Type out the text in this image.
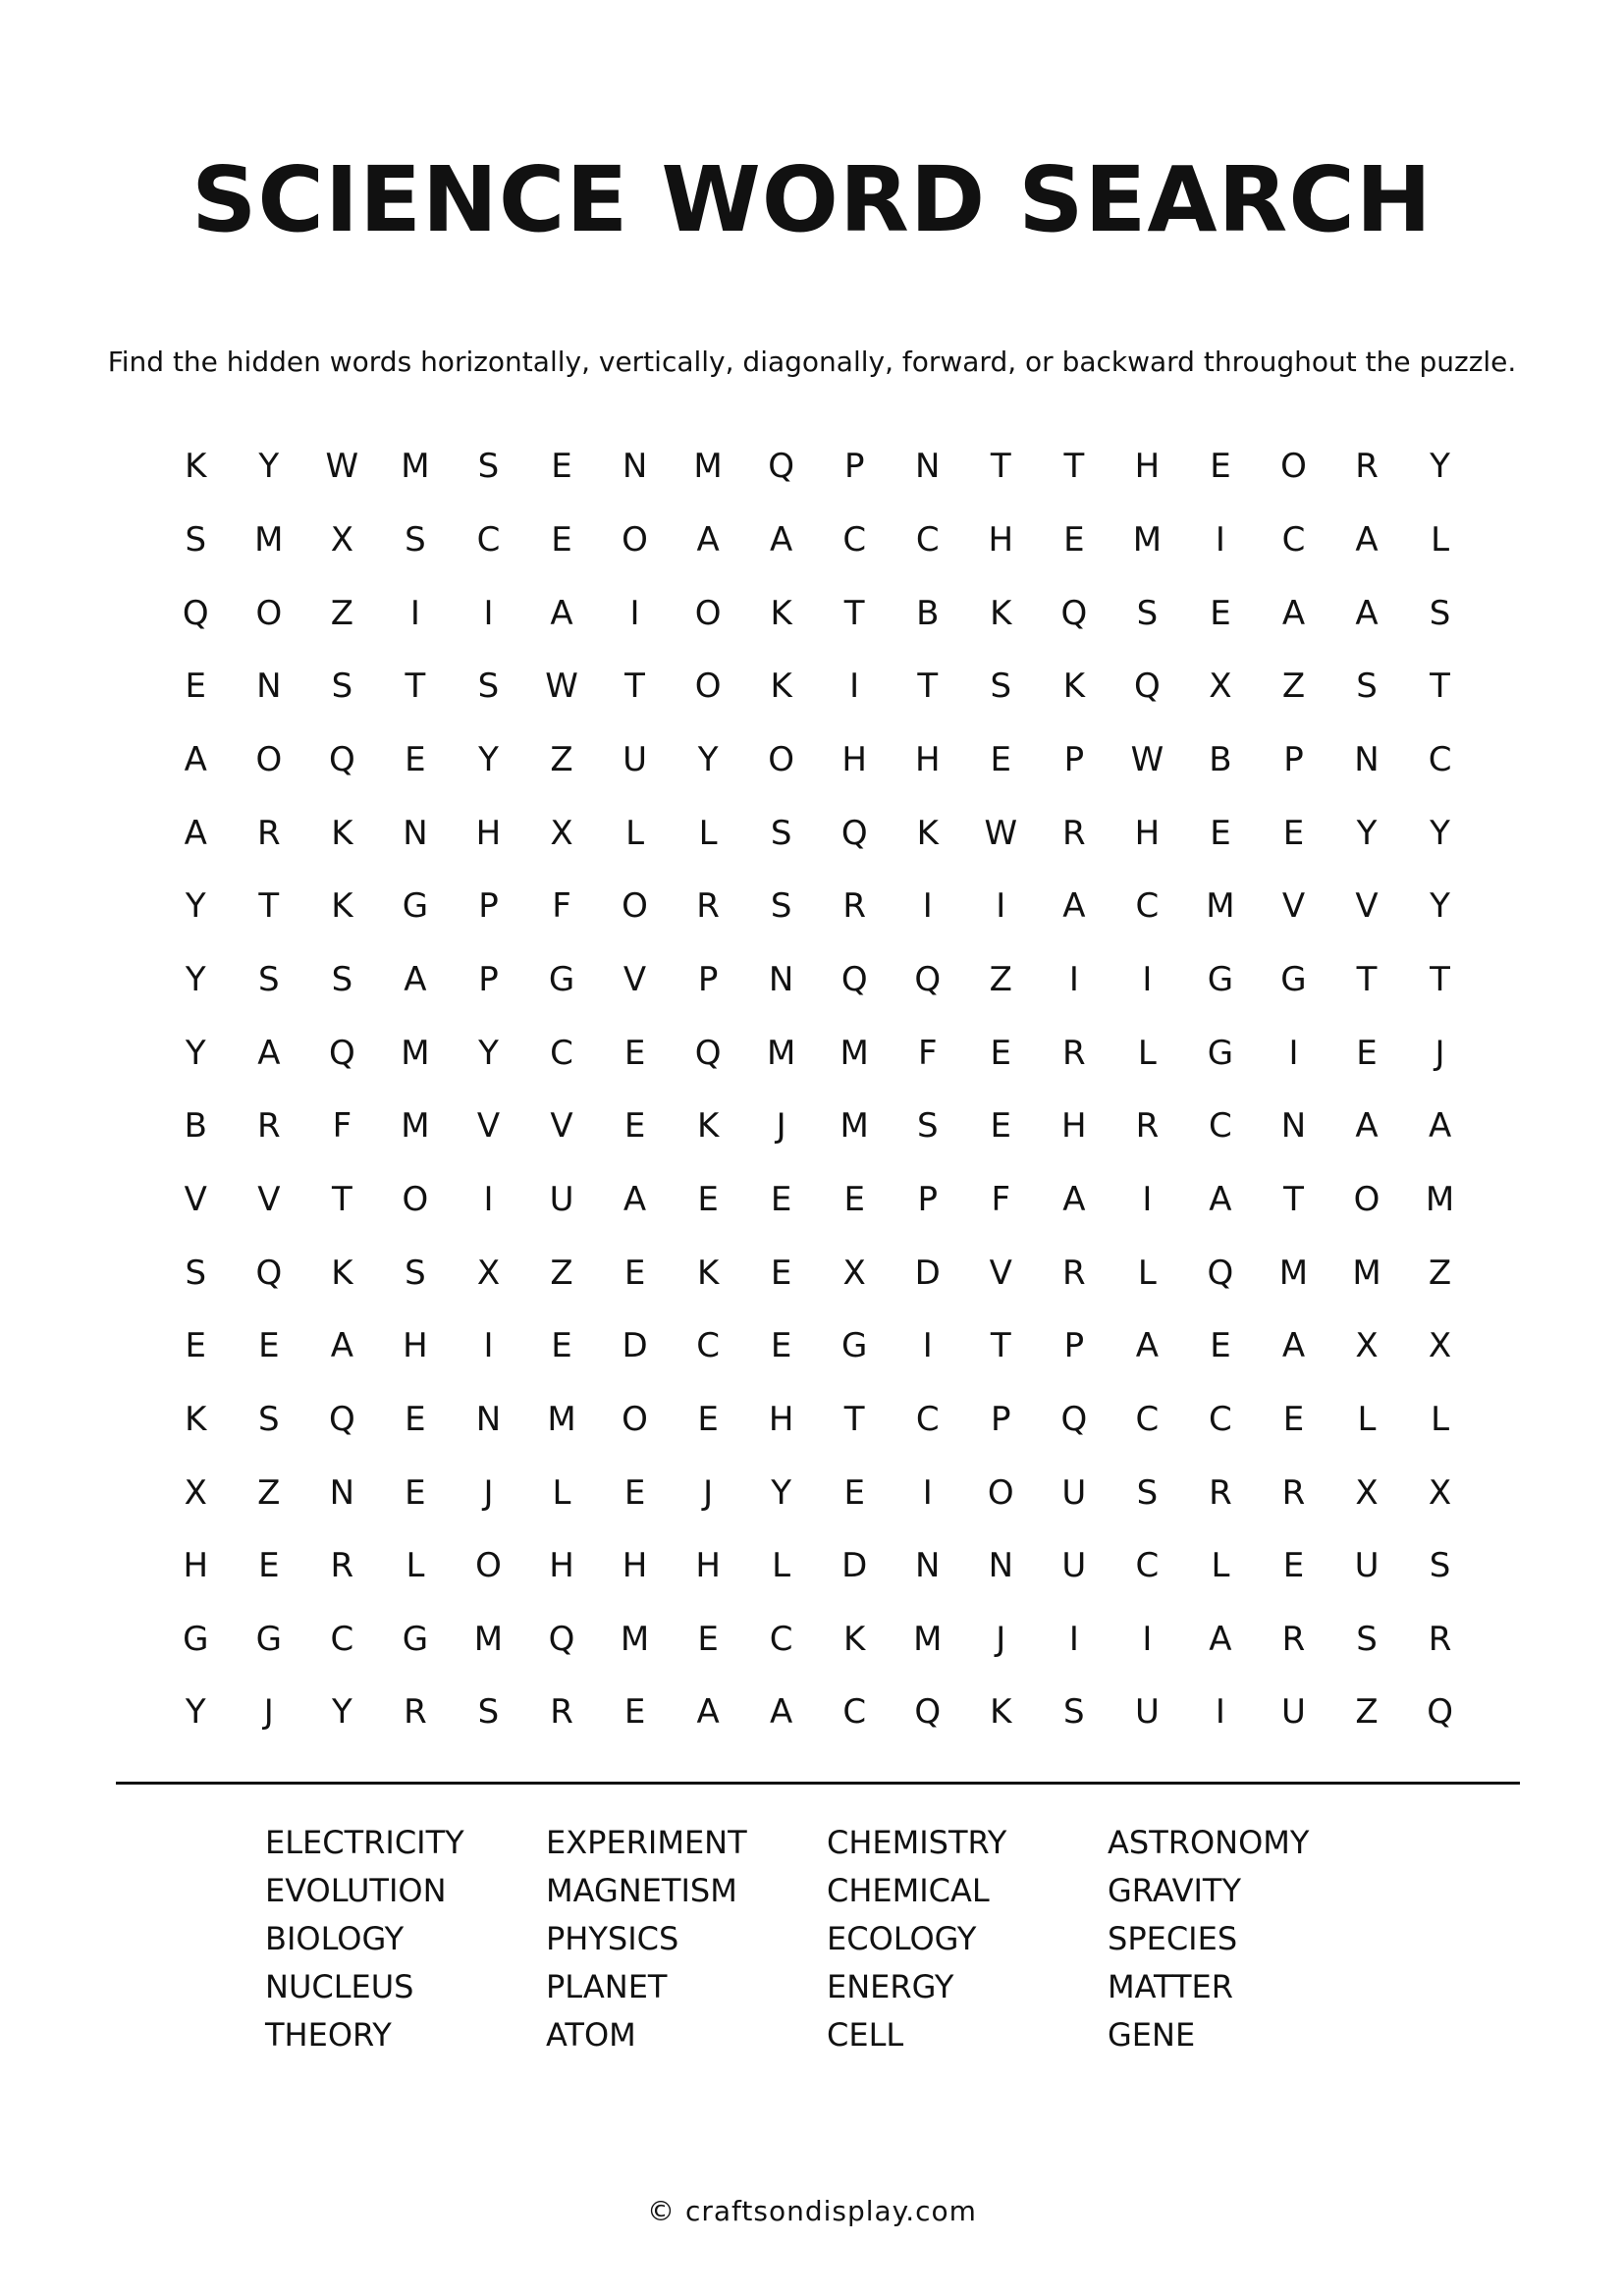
SCIENCE WORD SEARCH
Find the hidden words horizontally, vertically, diagonally, forward, or backward throughout the puzzle.
K	Y	W	M	S	E	N	M	Q	P	N	T	T	H	E	O	R	Y
S	M	X	S	C	E	O	A	A	C	C	H	E	M	I	C	A	L
Q	O	Z	I	I	A	I	O	K	T	B	K	Q	S	E	A	A	S
E	N	S	T	S	W	T	O	K	I	T	S	K	Q	X	Z	S	T
A	O	Q	E	Y	Z	U	Y	O	H	H	E	P	W	B	P	N	C
A	R	K	N	H	X	L	L	S	Q	K	W	R	H	E	E	Y	Y
Y	T	K	G	P	F	O	R	S	R	I	I	A	C	M	V	V	Y
Y	S	S	A	P	G	V	P	N	Q	Q	Z	I	I	G	G	T	T
Y	A	Q	M	Y	C	E	Q	M	M	F	E	R	L	G	I	E	J
B	R	F	M	V	V	E	K	J	M	S	E	H	R	C	N	A	A
V	V	T	O	I	U	A	E	E	E	P	F	A	I	A	T	O	M
S	Q	K	S	X	Z	E	K	E	X	D	V	R	L	Q	M	M	Z
E	E	A	H	I	E	D	C	E	G	I	T	P	A	E	A	X	X
K	S	Q	E	N	M	O	E	H	T	C	P	Q	C	C	E	L	L
X	Z	N	E	J	L	E	J	Y	E	I	O	U	S	R	R	X	X
H	E	R	L	O	H	H	H	L	D	N	N	U	C	L	E	U	S
G	G	C	G	M	Q	M	E	C	K	M	J	I	I	A	R	S	R
Y	J	Y	R	S	R	E	A	A	C	Q	K	S	U	I	U	Z	Q
ELECTRICITY	EXPERIMENT	CHEMISTRY	ASTRONOMY
EVOLUTION	MAGNETISM	CHEMICAL	GRAVITY
BIOLOGY	PHYSICS	ECOLOGY	SPECIES
NUCLEUS	PLANET	ENERGY	MATTER
THEORY	ATOM	CELL	GENE
© craftsondisplay.com
